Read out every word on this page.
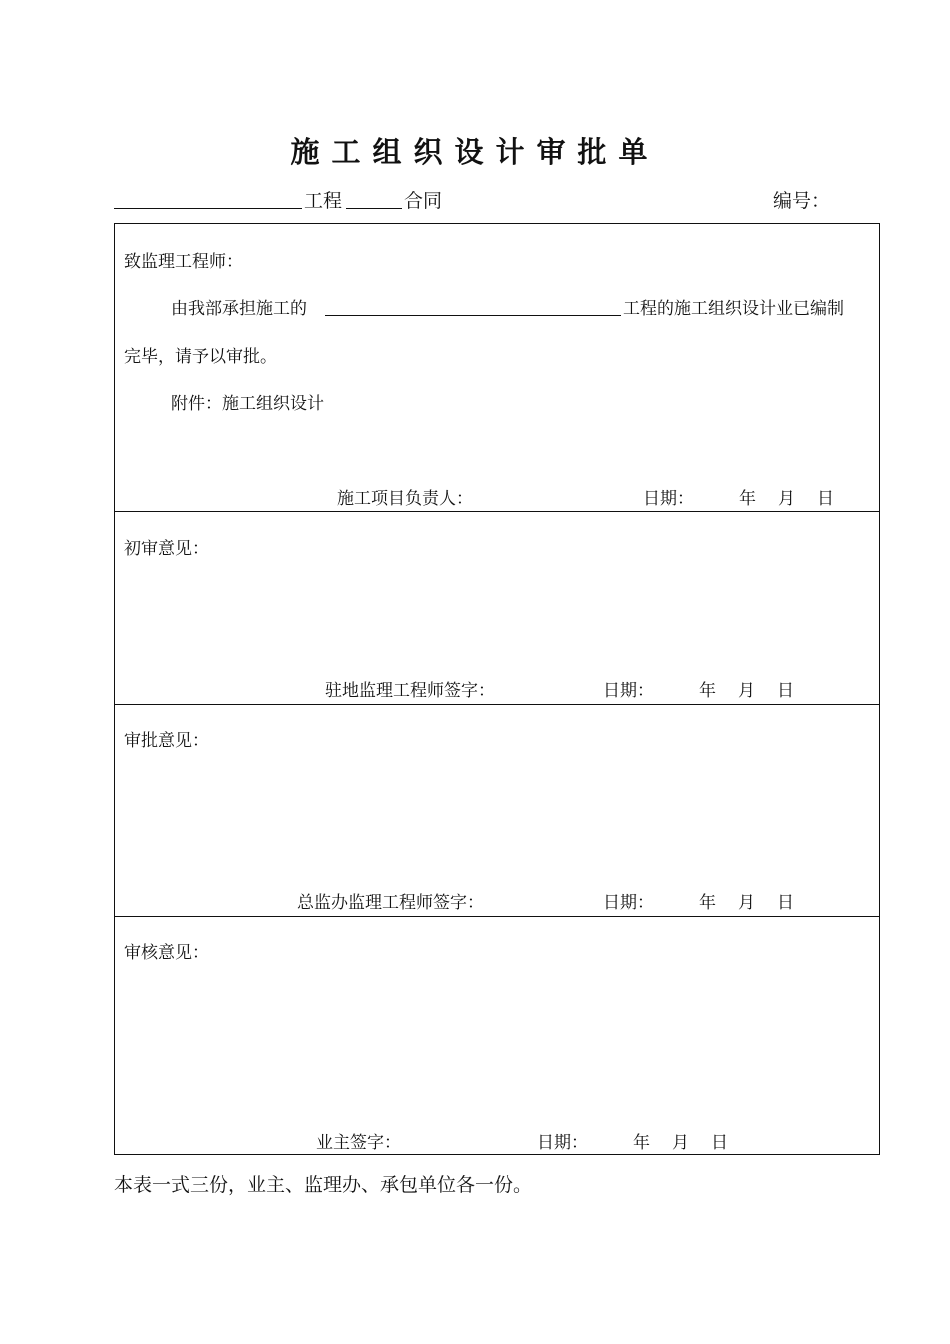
施工组织设计审批单
工程	合同	编号：
致监理工程师：
由我部承担施工的	工程的施工组织设计业已编制
完毕，请予以审批。
附件：施工组织设计
施工项目负责人：	日期：	年 月 日
初审意见：
驻地监理工程师签字：	日期：	年 月 日
审批意见：
总监办监理工程师签字：	日期：	年 月 日
审核意见：
业主签字：	日期：	年 月 日
本表一式三份，业主、监理办、承包单位各一份。
